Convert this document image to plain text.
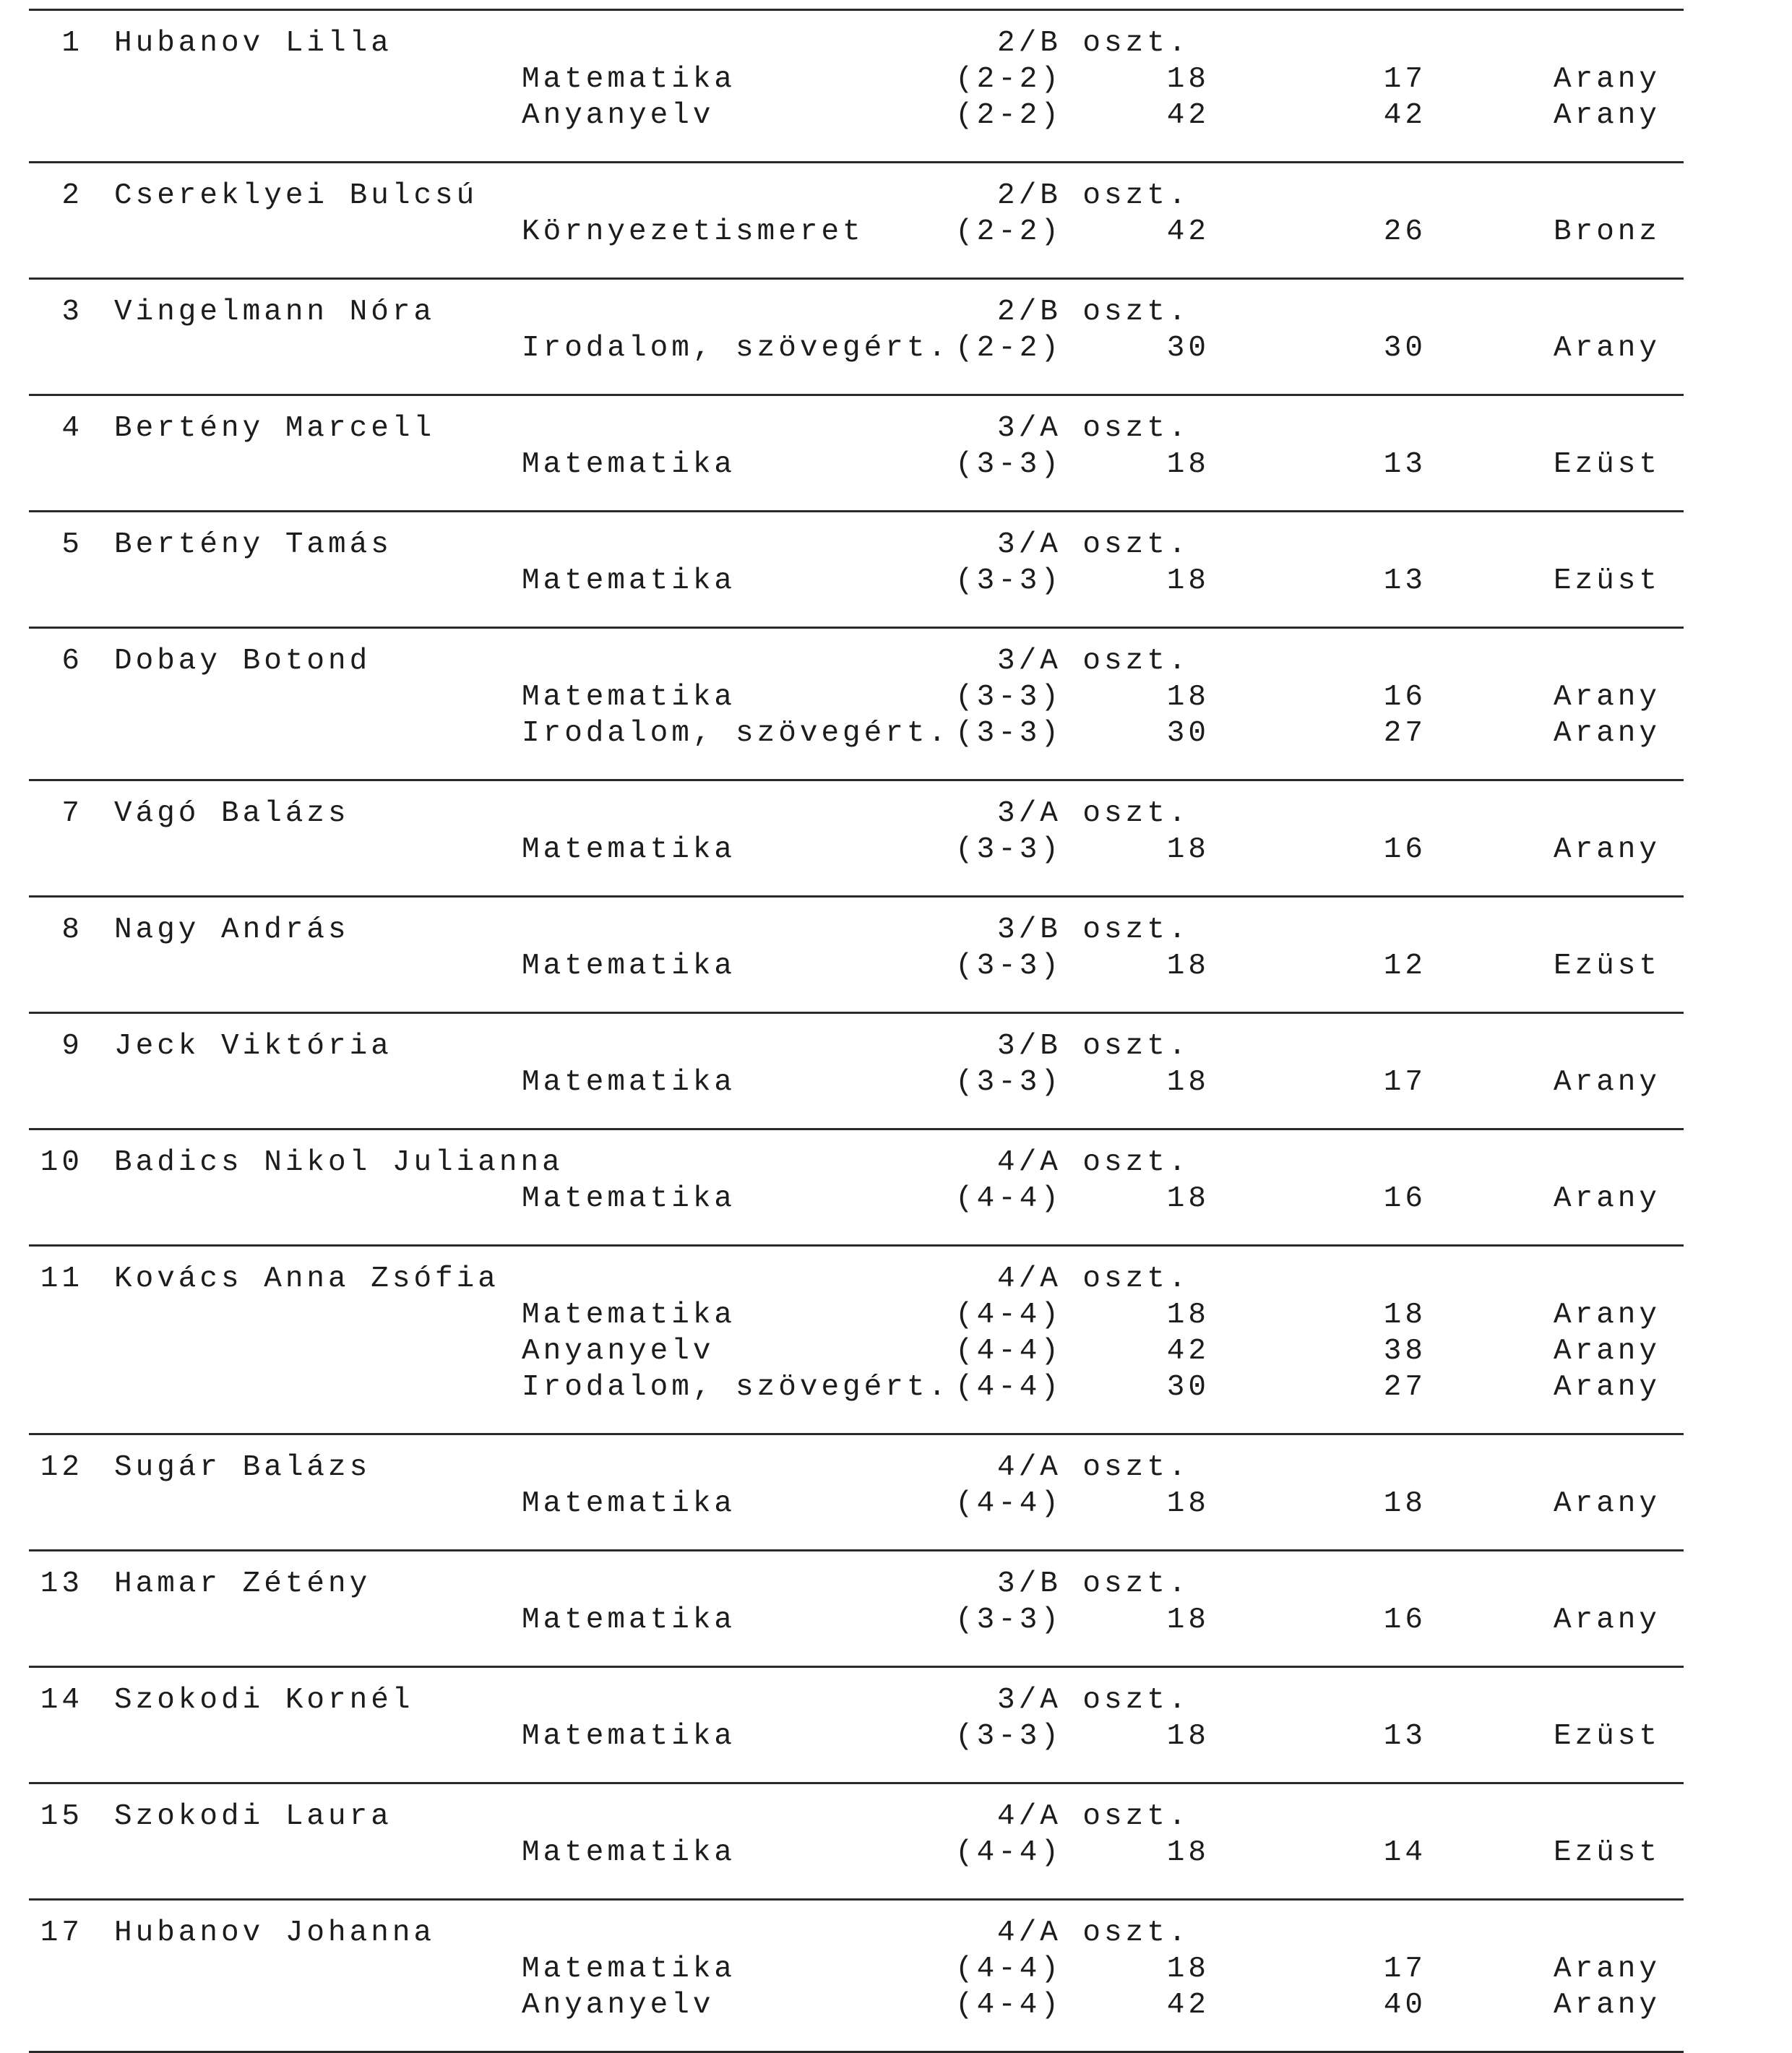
1 Hubanov Lilla	2/B oszt.
Matematika	(2-2)	18	17	Arany
Anyanyelv	(2-2)	42	42	Arany
2 Csereklyei Bulcsú	2/B oszt.
Környezetismeret	(2-2)	42	26	Bronz
3 Vingelmann Nóra	2/B oszt.
Irodalom, szövegért. (2-2)	30	30	Arany
4 Bertény Marcell	3/A oszt.
Matematika	(3-3)	18	13	Ezüst
5 Bertény Tamás	3/A oszt.
Matematika	(3-3)	18	13	Ezüst
6 Dobay Botond	3/A oszt.
Matematika	(3-3)	18	16	Arany
Irodalom, szövegért. (3-3)	30	27	Arany
7 Vágó Balázs	3/A oszt.
Matematika	(3-3)	18	16	Arany
8 Nagy András	3/B oszt.
Matematika	(3-3)	18	12	Ezüst
9 Jeck Viktória	3/B oszt.
Matematika	(3-3)	18	17	Arany
10 Badics Nikol Julianna	4/A oszt.
Matematika	(4-4)	18	16	Arany
11 Kovács Anna Zsófia	4/A oszt.
Matematika	(4-4)	18	18	Arany
Anyanyelv	(4-4)	42	38	Arany
Irodalom, szövegért. (4-4)	30	27	Arany
12 Sugár Balázs	4/A oszt.
Matematika	(4-4)	18	18	Arany
13 Hamar Zétény	3/B oszt.
Matematika	(3-3)	18	16	Arany
14 Szokodi Kornél	3/A oszt.
Matematika	(3-3)	18	13	Ezüst
15 Szokodi Laura	4/A oszt.
Matematika	(4-4)	18	14	Ezüst
17 Hubanov Johanna	4/A oszt.
Matematika	(4-4)	18	17	Arany
Anyanyelv	(4-4)	42	40	Arany
